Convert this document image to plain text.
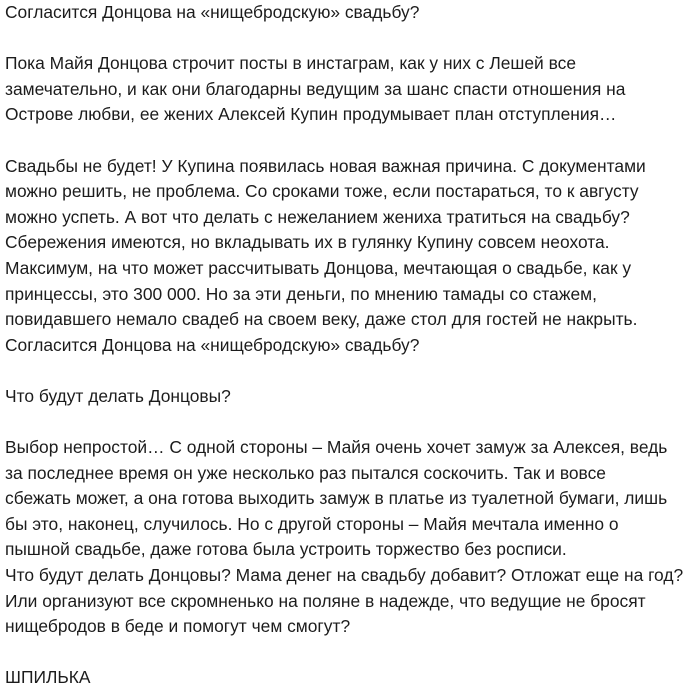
Согласится Донцова на «нищебродскую» свадьбу?
Пока Майя Донцова строчит посты в инстаграм, как у них с Лешей все
замечательно, и как они благодарны ведущим за шанс спасти отношения на
Острове любви, ее жених Алексей Купин продумывает план отступления…
Свадьбы не будет! У Купина появилась новая важная причина. С документами
можно решить, не проблема. Со сроками тоже, если постараться, то к августу
можно успеть. А вот что делать с нежеланием жениха тратиться на свадьбу?
Сбережения имеются, но вкладывать их в гулянку Купину совсем неохота.
Максимум, на что может рассчитывать Донцова, мечтающая о свадьбе, как у
принцессы, это 300 000. Но за эти деньги, по мнению тамады со стажем,
повидавшего немало свадеб на своем веку, даже стол для гостей не накрыть.
Согласится Донцова на «нищебродскую» свадьбу?
Что будут делать Донцовы?
Выбор непростой… С одной стороны – Майя очень хочет замуж за Алексея, ведь
за последнее время он уже несколько раз пытался соскочить. Так и вовсе
сбежать может, а она готова выходить замуж в платье из туалетной бумаги, лишь
бы это, наконец, случилось. Но с другой стороны – Майя мечтала именно о
пышной свадьбе, даже готова была устроить торжество без росписи.
Что будут делать Донцовы? Мама денег на свадьбу добавит? Отложат еще на год?
Или организуют все скромненько на поляне в надежде, что ведущие не бросят
нищебродов в беде и помогут чем смогут?
ШПИЛЬКА
